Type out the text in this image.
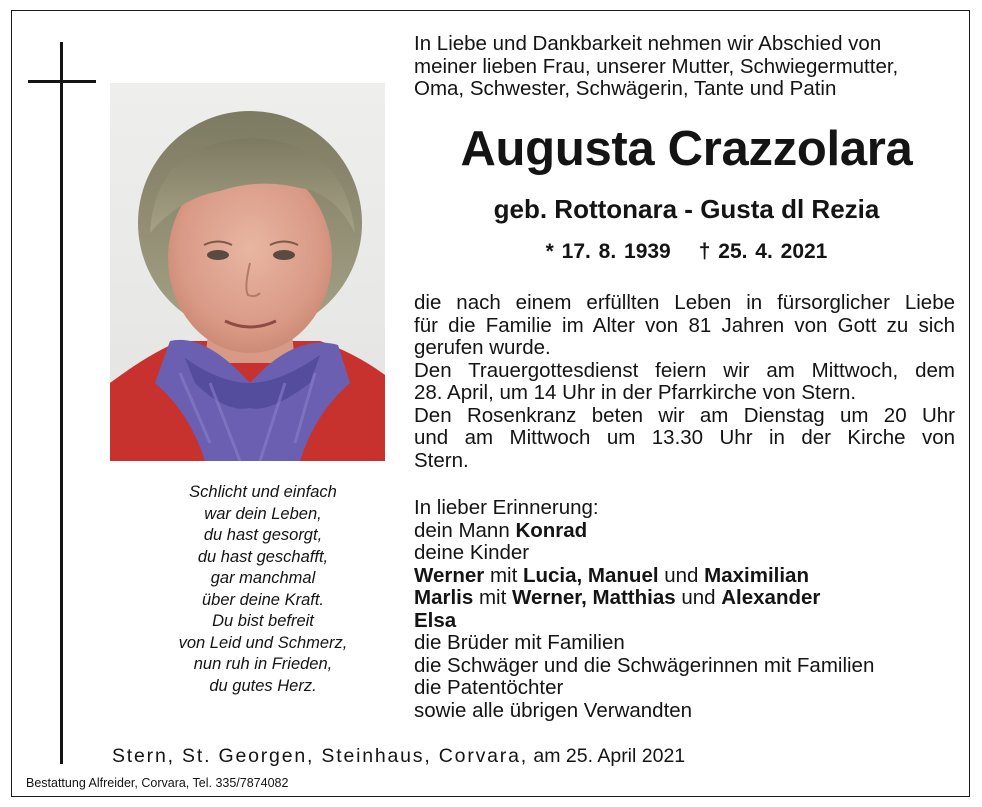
Schlicht und einfach
war dein Leben,
du hast gesorgt,
du hast geschafft,
gar manchmal
über deine Kraft.
Du bist befreit
von Leid und Schmerz,
nun ruh in Frieden,
du gutes Herz.
In Liebe und Dankbarkeit nehmen wir Abschied von
meiner lieben Frau, unserer Mutter, Schwiegermutter,
Oma, Schwester, Schwägerin, Tante und Patin
Augusta Crazzolara
geb. Rottonara - Gusta dl Rezia
* 17. 8. 1939 † 25. 4. 2021
die nach einem erfüllten Leben in fürsorglicher Liebe
für die Familie im Alter von 81 Jahren von Gott zu sich
gerufen wurde.
Den Trauergottesdienst feiern wir am Mittwoch, dem
28. April, um 14 Uhr in der Pfarrkirche von Stern.
Den Rosenkranz beten wir am Dienstag um 20 Uhr
und am Mittwoch um 13.30 Uhr in der Kirche von
Stern.
In lieber Erinnerung:
dein Mann Konrad
deine Kinder
Werner mit Lucia, Manuel und Maximilian
Marlis mit Werner, Matthias und Alexander
Elsa
die Brüder mit Familien
die Schwäger und die Schwägerinnen mit Familien
die Patentöchter
sowie alle übrigen Verwandten
Stern, St. Georgen, Steinhaus, Corvara, am 25. April 2021
Bestattung Alfreider, Corvara, Tel. 335/7874082
